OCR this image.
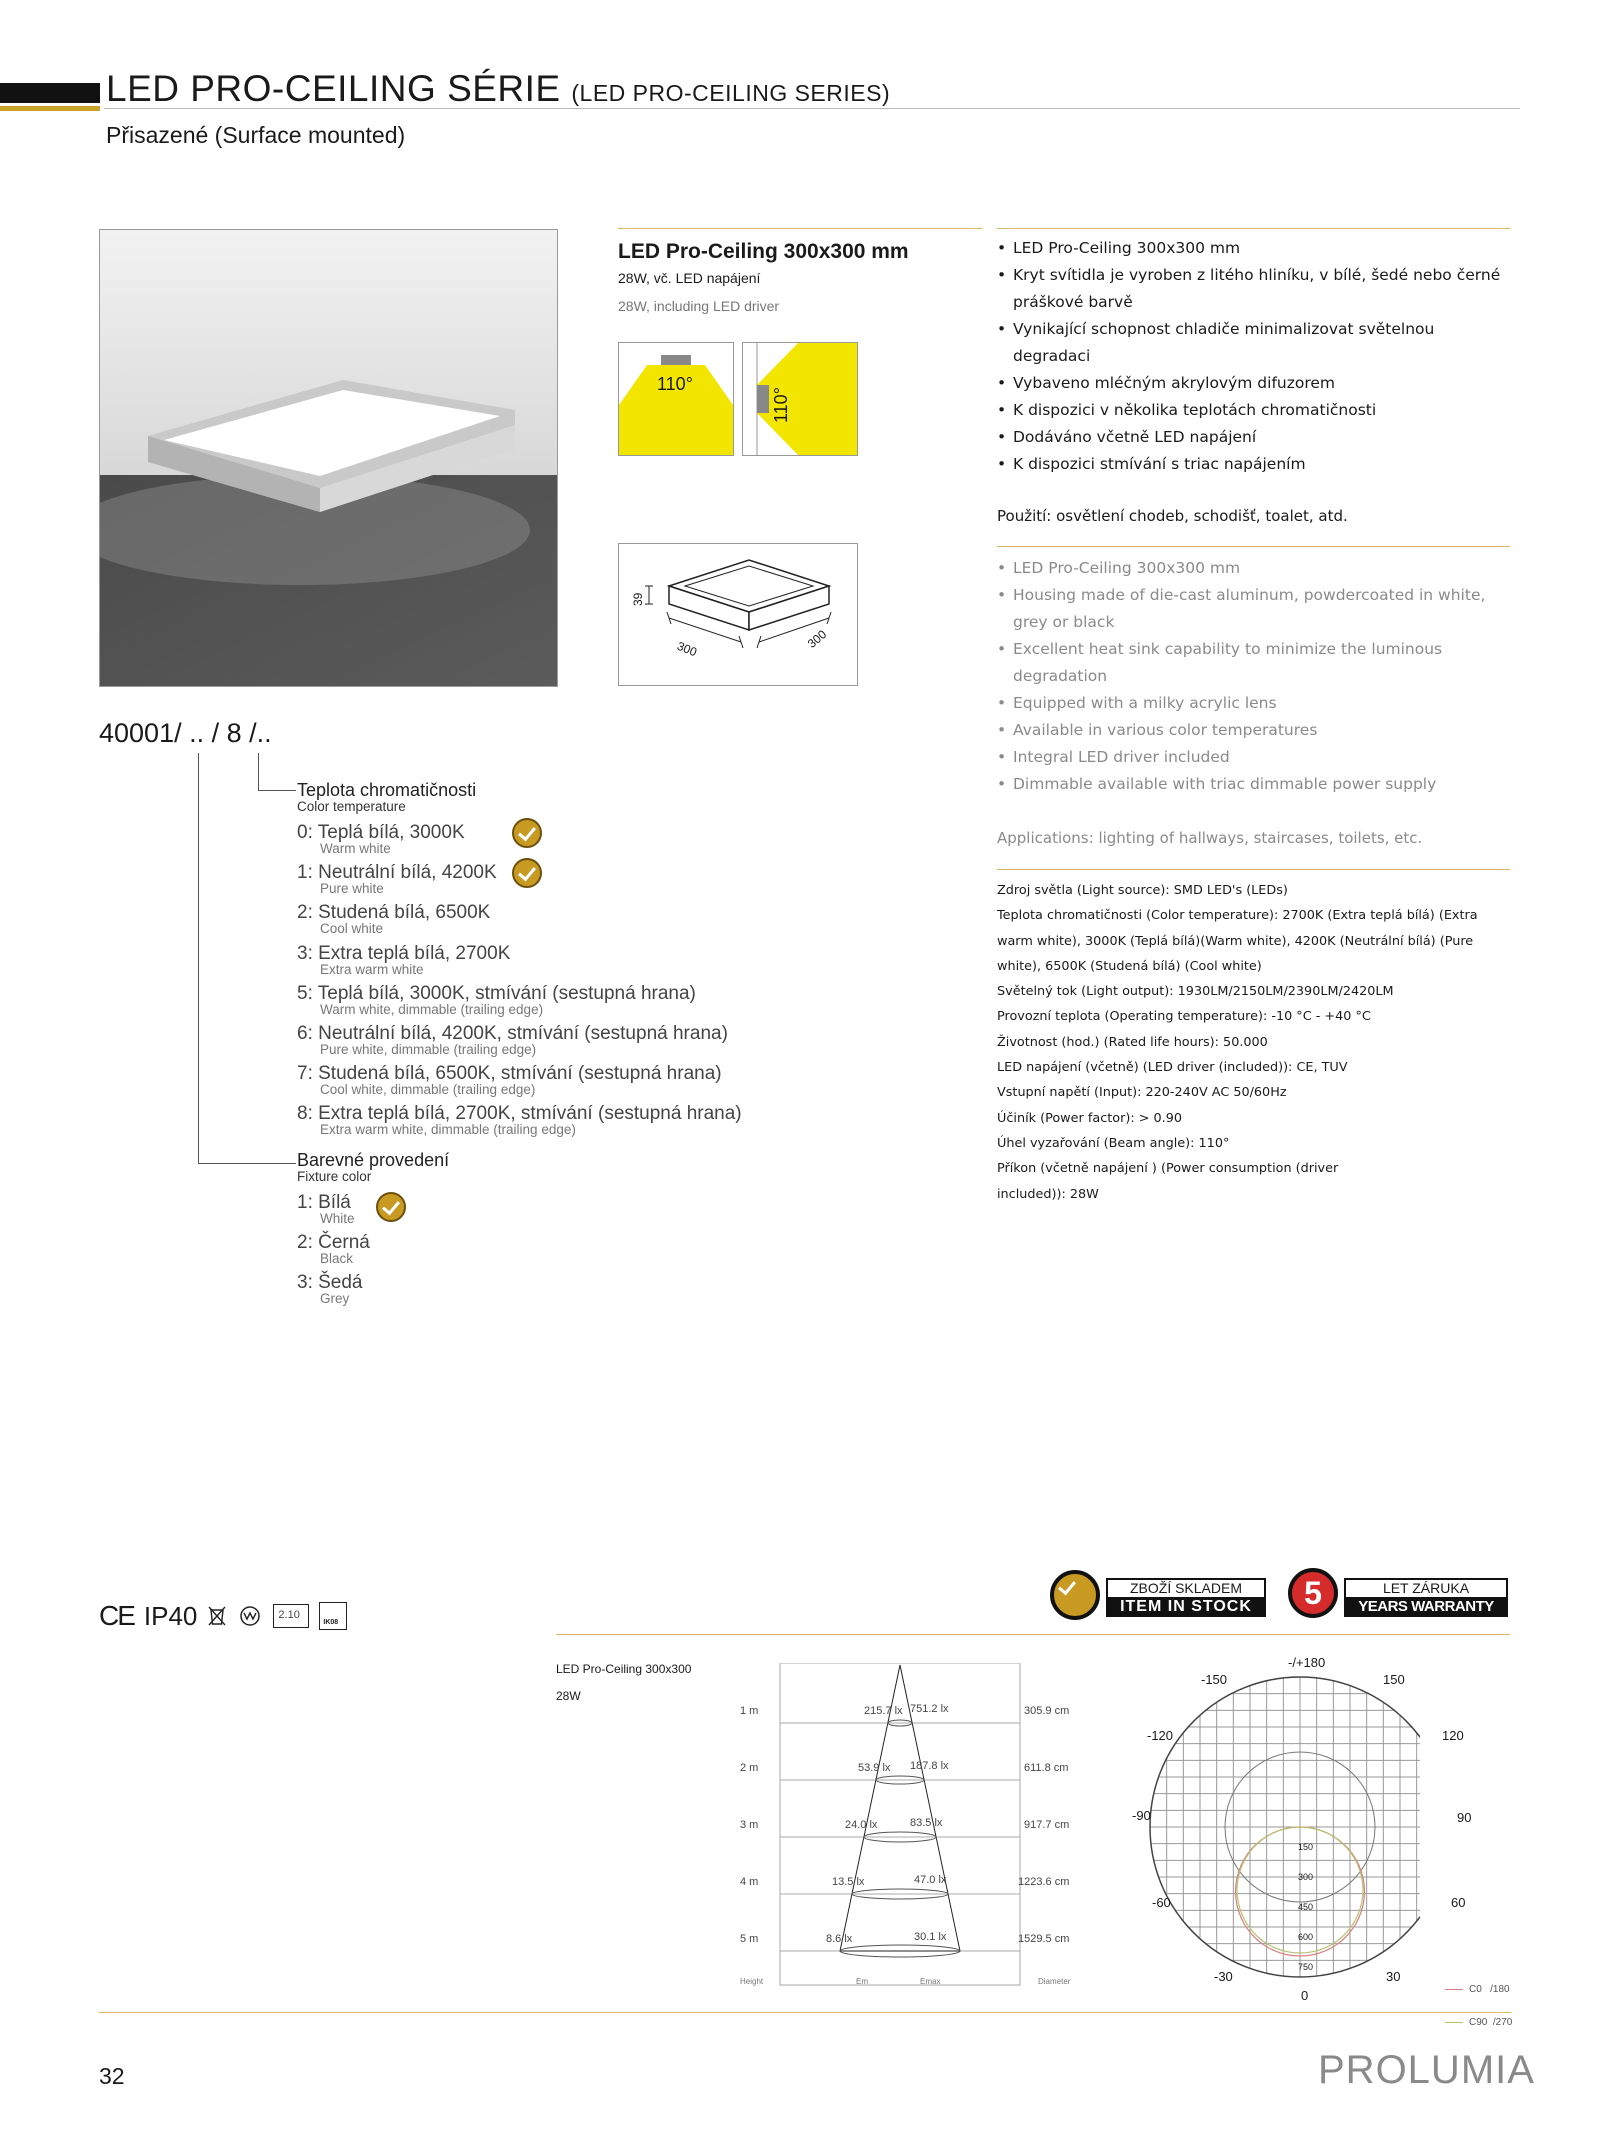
LED PRO-CEILING SÉRIE (LED PRO-CEILING SERIES)
Přisazené (Surface mounted)
LED Pro-Ceiling 300x300 mm
28W, vč. LED napájení
28W, including LED driver
110°
110°
39
300	300
• LED Pro-Ceiling 300x300 mm
• Kryt svítidla je vyroben z litého hliníku, v bílé, šedé nebo černé práškové barvě
• Vynikající schopnost chladiče minimalizovat světelnou degradaci
• Vybaveno mléčným akrylovým difuzorem
• K dispozici v několika teplotách chromatičnosti
• Dodáváno včetně LED napájení
• K dispozici stmívání s triac napájením
Použití: osvětlení chodeb, schodišť, toalet, atd.
• LED Pro-Ceiling 300x300 mm
• Housing made of die-cast aluminum, powdercoated in white, grey or black
• Excellent heat sink capability to minimize the luminous degradation
• Equipped with a milky acrylic lens
• Available in various color temperatures
• Integral LED driver included
• Dimmable available with triac dimmable power supply
Applications: lighting of hallways, staircases, toilets, etc.
Zdroj světla (Light source): SMD LED's (LEDs)
Teplota chromatičnosti (Color temperature): 2700K (Extra teplá bílá) (Extra warm white), 3000K (Teplá bílá)(Warm white), 4200K (Neutrální bílá) (Pure white), 6500K (Studená bílá) (Cool white)
Světelný tok (Light output): 1930LM/2150LM/2390LM/2420LM
Provozní teplota (Operating temperature): -10 °C - +40 °C
Životnost (hod.) (Rated life hours): 50.000
LED napájení (včetně) (LED driver (included)): CE, TUV
Vstupní napětí (Input): 220-240V AC 50/60Hz
Účiník (Power factor): > 0.90
Úhel vyzařování (Beam angle): 110°
Příkon (včetně napájení ) (Power consumption (driver included)): 28W
40001/ .. / 8 /..
Teplota chromatičnosti
Color temperature
0: Teplá bílá, 3000K
Warm white
1: Neutrální bílá, 4200K
Pure white
2: Studená bílá, 6500K
Cool white
3: Extra teplá bílá, 2700K
Extra warm white
5: Teplá bílá, 3000K, stmívání (sestupná hrana)
Warm white, dimmable (trailing edge)
6: Neutrální bílá, 4200K, stmívání (sestupná hrana)
Pure white, dimmable (trailing edge)
7: Studená bílá, 6500K, stmívání (sestupná hrana)
Cool white, dimmable (trailing edge)
8: Extra teplá bílá, 2700K, stmívání (sestupná hrana)
Extra warm white, dimmable (trailing edge)
Barevné provedení
Fixture color
1: Bílá
White
2: Černá
Black
3: Šedá
Grey
CE IP40	2.10
IK08
ZBOŽÍ SKLADEM
ITEM IN STOCK	5	LET ZÁRUKA
YEARS WARRANTY
LED Pro-Ceiling 300x300
28W
1 m	215.7 lx 751.2 lx	305.9 cm
2 m	53.9 lx 187.8 lx	611.8 cm
3 m	24.0 lx	83.5 lx	917.7 cm
4 m	13.5 lx	47.0 lx	1223.6 cm
5 m	8.6 lx	30.1 lx	1529.5 cm
Height	Em	Emax	Diameter
-/+180
-150	150
-120	120
-90	90
-60	60
-30	30
0
150
300
450
600
750

C0   /180

C90  /270

32	PROLUMIA
